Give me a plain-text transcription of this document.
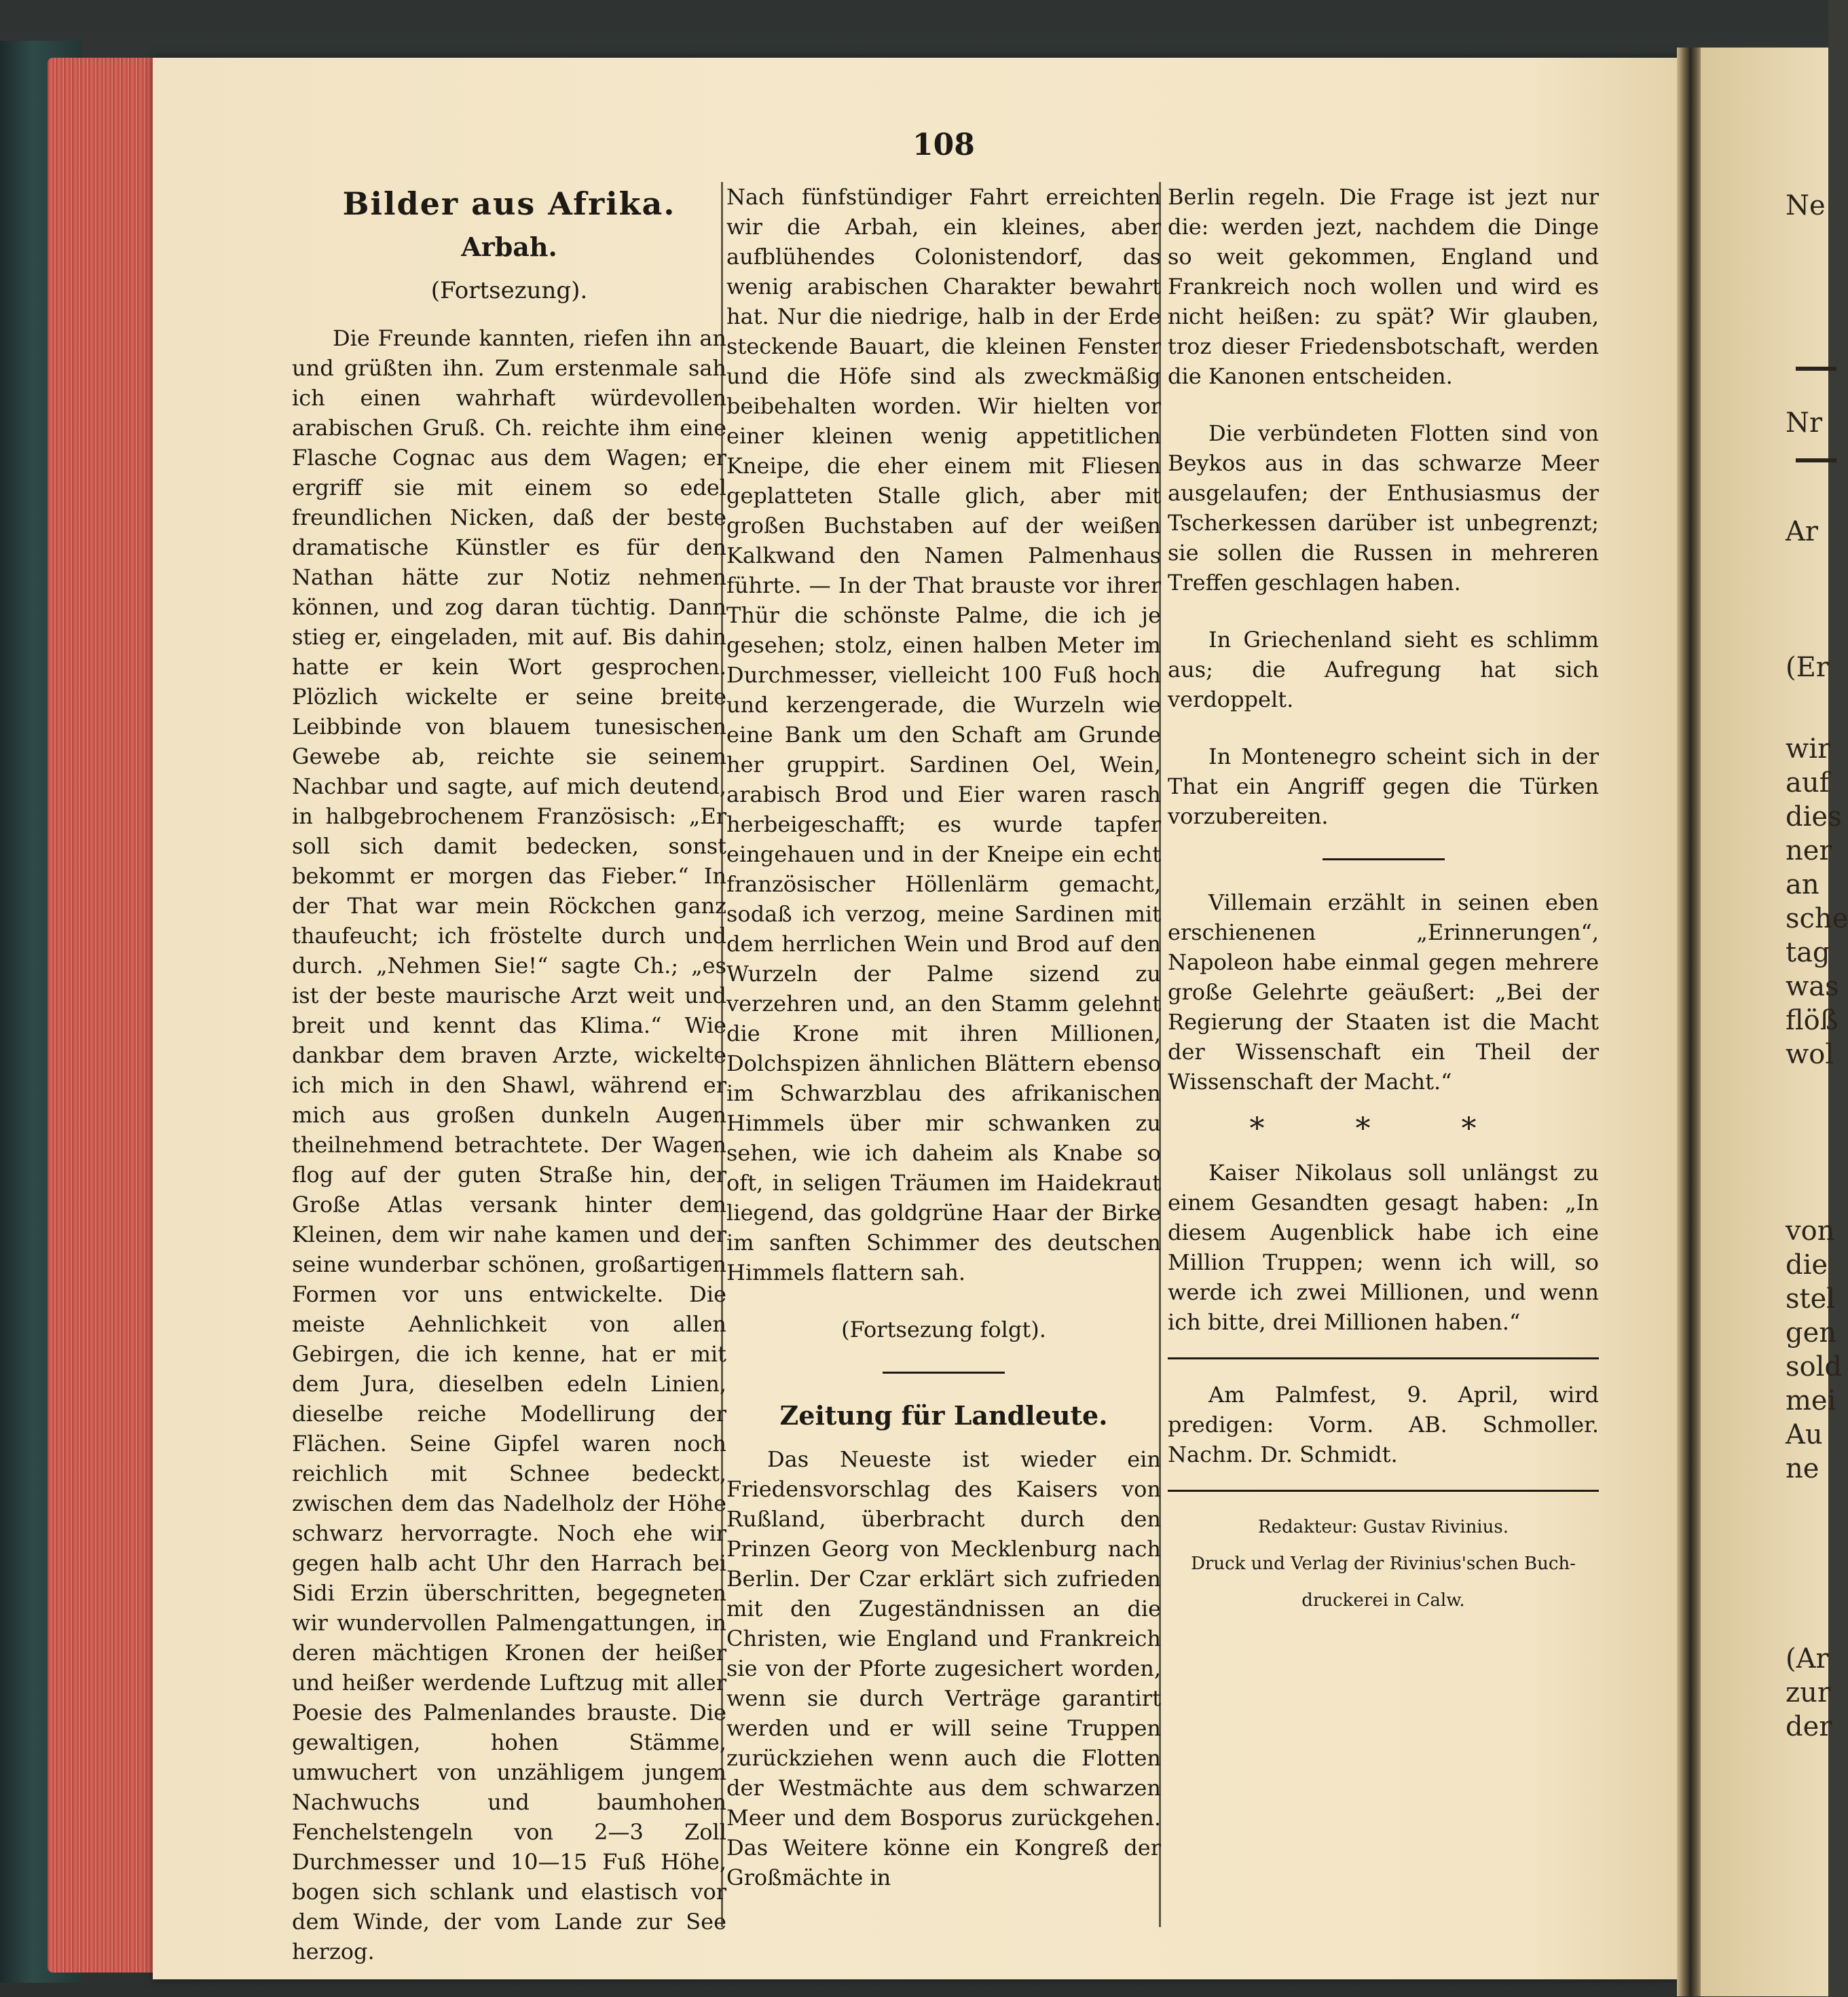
Ne
Nr
Ar
(Er
wir
auf
dies
ner
an
sche
tag
was
flöß
wol
von
die
stel
gen
sold
mei
Au
ne
(Ar
zur
der
108
Bilder aus Afrika.
Arbah.
(Fortsezung).

Die Freunde kannten, riefen ihn an und grüßten ihn. Zum erstenmale sah ich einen wahrhaft würdevollen arabischen Gruß. Ch. reichte ihm eine Flasche Cognac aus dem Wagen; er ergriff sie mit einem so edel freundlichen Nicken, daß der beste dramatische Künstler es für den Nathan hätte zur Notiz nehmen können, und zog daran tüchtig. Dann stieg er, eingeladen, mit auf. Bis dahin hatte er kein Wort gesprochen. Plözlich wickelte er seine breite Leibbinde von blauem tunesischen Gewebe ab, reichte sie seinem Nachbar und sagte, auf mich deutend, in halbgebrochenem Französisch: „Er soll sich damit bedecken, sonst bekommt er morgen das Fieber.“ In der That war mein Röckchen ganz thaufeucht; ich fröstelte durch und durch. „Nehmen Sie!“ sagte Ch.; „es ist der beste maurische Arzt weit und breit und kennt das Klima.“ Wie dankbar dem braven Arzte, wickelte ich mich in den Shawl, während er mich aus großen dunkeln Augen theilnehmend betrachtete. Der Wagen flog auf der guten Straße hin, der Große Atlas versank hinter dem Kleinen, dem wir nahe kamen und der seine wunderbar schönen, großartigen Formen vor uns entwickelte. Die meiste Aehnlichkeit von allen Gebirgen, die ich kenne, hat er mit dem Jura, dieselben edeln Linien, dieselbe reiche Modellirung der Flächen. Seine Gipfel waren noch reichlich mit Schnee bedeckt, zwischen dem das Nadelholz der Höhe schwarz hervorragte. Noch ehe wir gegen halb acht Uhr den Harrach bei Sidi Erzin überschritten, begegneten wir wundervollen Palmengattungen, in deren mächtigen Kronen der heißer und heißer werdende Luftzug mit aller Poesie des Palmenlandes brauste. Die gewaltigen, hohen Stämme, umwuchert von unzähligem jungem Nachwuchs und baumhohen Fenchelstengeln von 2—3 Zoll Durchmesser und 10—15 Fuß Höhe, bogen sich schlank und elastisch vor dem Winde, der vom Lande zur See herzog.

Nach fünfstündiger Fahrt erreichten wir die Arbah, ein kleines, aber aufblühendes Colonistendorf, das wenig arabischen Charakter bewahrt hat. Nur die niedrige, halb in der Erde steckende Bauart, die kleinen Fenster und die Höfe sind als zweckmäßig beibehalten worden. Wir hielten vor einer kleinen wenig appetitlichen Kneipe, die eher einem mit Fliesen geplatteten Stalle glich, aber mit großen Buchstaben auf der weißen Kalkwand den Namen Palmenhaus führte. — In der That brauste vor ihrer Thür die schönste Palme, die ich je gesehen; stolz, einen halben Meter im Durchmesser, vielleicht 100 Fuß hoch und kerzengerade, die Wurzeln wie eine Bank um den Schaft am Grunde her gruppirt. Sardinen Oel, Wein, arabisch Brod und Eier waren rasch herbeigeschafft; es wurde tapfer eingehauen und in der Kneipe ein echt französischer Höllenlärm gemacht, sodaß ich verzog, meine Sardinen mit dem herrlichen Wein und Brod auf den Wurzeln der Palme sizend zu verzehren und, an den Stamm gelehnt die Krone mit ihren Millionen, Dolchspizen ähnlichen Blättern ebenso im Schwarzblau des afrikanischen Himmels über mir schwanken zu sehen, wie ich daheim als Knabe so oft, in seligen Träumen im Haidekraut liegend, das goldgrüne Haar der Birke im sanften Schimmer des deutschen Himmels flattern sah.

(Fortsezung folgt).

Zeitung für Landleute.

Das Neueste ist wieder ein Friedensvorschlag des Kaisers von Rußland, überbracht durch den Prinzen Georg von Mecklenburg nach Berlin. Der Czar erklärt sich zufrieden mit den Zugeständnissen an die Christen, wie England und Frankreich sie von der Pforte zugesichert worden, wenn sie durch Verträge garantirt werden und er will seine Truppen zurückziehen wenn auch die Flotten der Westmächte aus dem schwarzen Meer und dem Bosporus zurückgehen. Das Weitere könne ein Kongreß der Großmächte in

Berlin regeln. Die Frage ist jezt nur die: werden jezt, nachdem die Dinge so weit gekommen, England und Frankreich noch wollen und wird es nicht heißen: zu spät? Wir glauben, troz dieser Friedensbotschaft, werden die Kanonen entscheiden.

Die verbündeten Flotten sind von Beykos aus in das schwarze Meer ausgelaufen; der Enthusiasmus der Tscherkessen darüber ist unbegrenzt; sie sollen die Russen in mehreren Treffen geschlagen haben.

In Griechenland sieht es schlimm aus; die Aufregung hat sich verdoppelt.

In Montenegro scheint sich in der That ein Angriff gegen die Türken vorzubereiten.

Villemain erzählt in seinen eben erschienenen „Erinnerungen“, Napoleon habe einmal gegen mehrere große Gelehrte geäußert: „Bei der Regierung der Staaten ist die Macht der Wissenschaft ein Theil der Wissenschaft der Macht.“

* * *

Kaiser Nikolaus soll unlängst zu einem Gesandten gesagt haben: „In diesem Augenblick habe ich eine Million Truppen; wenn ich will, so werde ich zwei Millionen, und wenn ich bitte, drei Millionen haben.“

Am Palmfest, 9. April, wird predigen: Vorm. AB. Schmoller. Nachm. Dr. Schmidt.

Redakteur: Gustav Rivinius.
Druck und Verlag der Rivinius'schen Buch-
druckerei in Calw.
